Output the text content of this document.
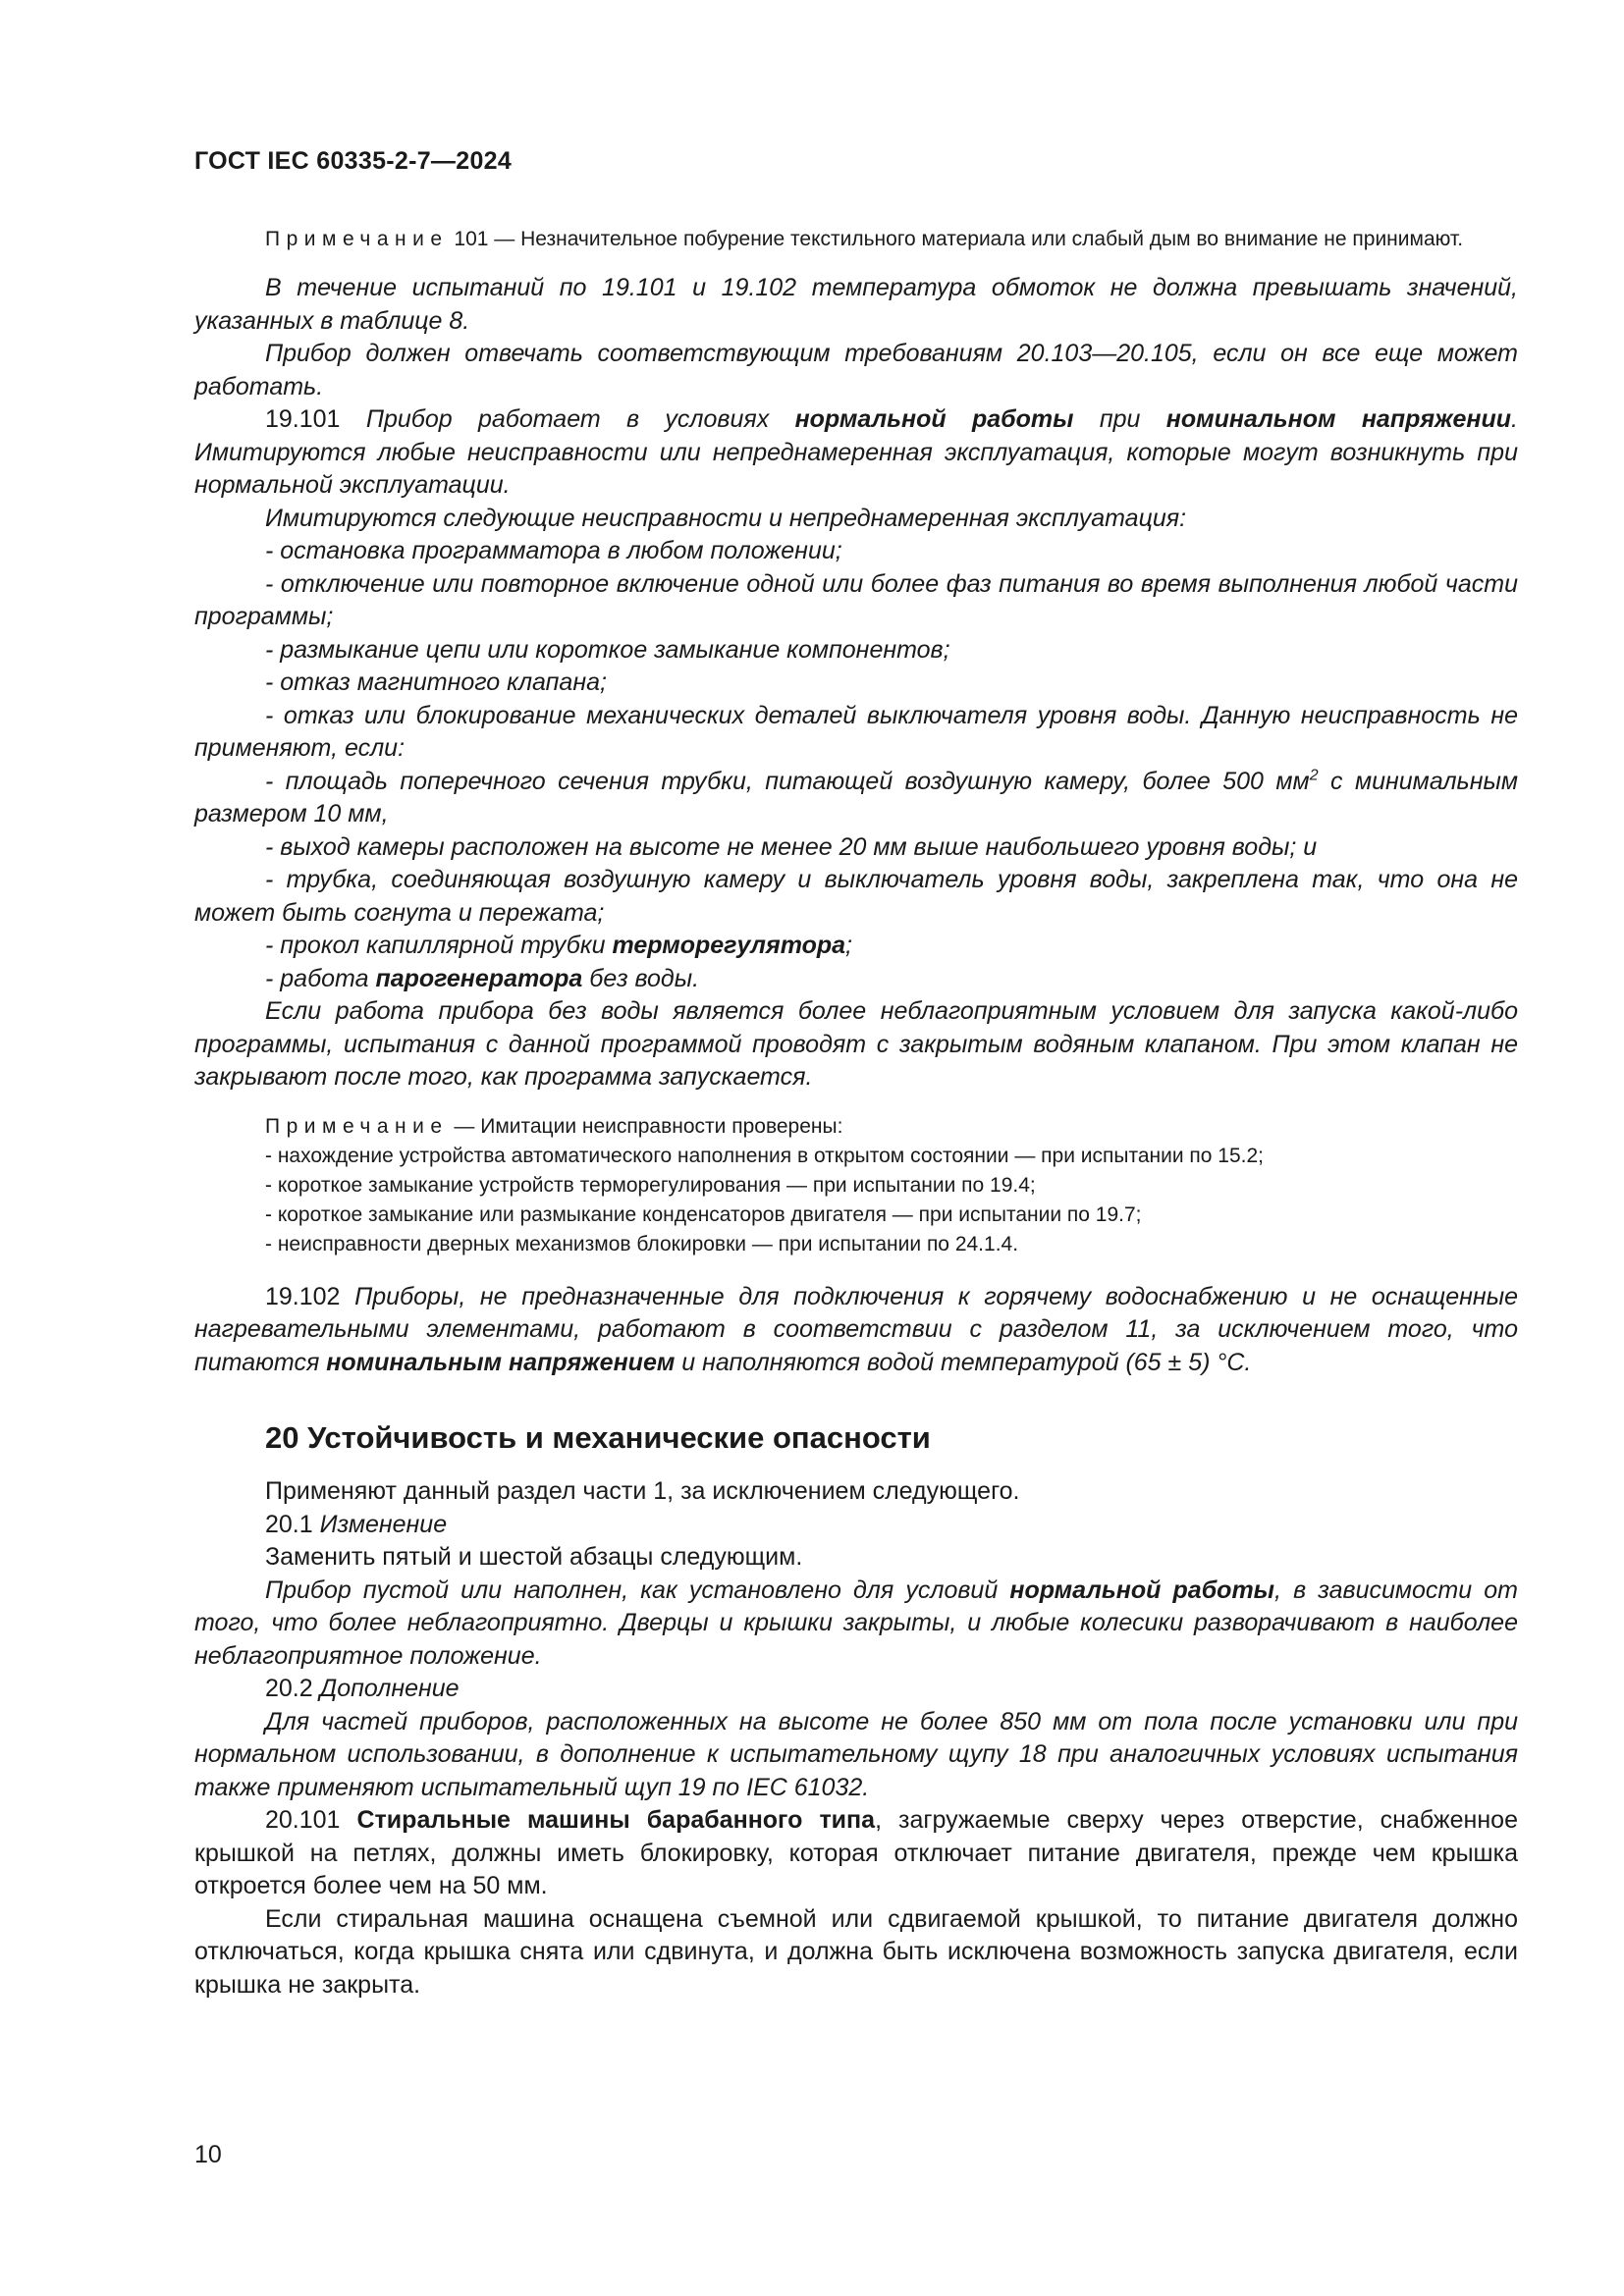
ГОСТ IEC 60335-2-7—2024

Примечание 101 — Незначительное побурение текстильного материала или слабый дым во внимание не принимают.

В течение испытаний по 19.101 и 19.102 температура обмоток не должна превышать значений, указанных в таблице 8.

Прибор должен отвечать соответствующим требованиям 20.103—20.105, если он все еще может работать.

19.101 Прибор работает в условиях нормальной работы при номинальном напряжении. Имитируются любые неисправности или непреднамеренная эксплуатация, которые могут возникнуть при нормальной эксплуатации.

Имитируются следующие неисправности и непреднамеренная эксплуатация:

- остановка программатора в любом положении;

- отключение или повторное включение одной или более фаз питания во время выполнения любой части программы;

- размыкание цепи или короткое замыкание компонентов;

- отказ магнитного клапана;

- отказ или блокирование механических деталей выключателя уровня воды. Данную неисправность не применяют, если:

- площадь поперечного сечения трубки, питающей воздушную камеру, более 500 $мм^2$ с минимальным размером 10 мм,

- выход камеры расположен на высоте не менее 20 мм выше наибольшего уровня воды; и

- трубка, соединяющая воздушную камеру и выключатель уровня воды, закреплена так, что она не может быть согнута и пережата;

- прокол капиллярной трубки терморегулятора;

- работа парогенератора без воды.

Если работа прибора без воды является более неблагоприятным условием для запуска какой-либо программы, испытания с данной программой проводят с закрытым водяным клапаном. При этом клапан не закрывают после того, как программа запускается.

Примечание — Имитации неисправности проверены:

- нахождение устройства автоматического наполнения в открытом состоянии — при испытании по 15.2;

- короткое замыкание устройств терморегулирования — при испытании по 19.4;

- короткое замыкание или размыкание конденсаторов двигателя — при испытании по 19.7;

- неисправности дверных механизмов блокировки — при испытании по 24.1.4.

19.102 Приборы, не предназначенные для подключения к горячему водоснабжению и не оснащенные нагревательными элементами, работают в соответствии с разделом 11, за исключением того, что питаются номинальным напряжением и наполняются водой температурой (65 ± 5) °С.

20 Устойчивость и механические опасности

Применяют данный раздел части 1, за исключением следующего.

20.1 Изменение

Заменить пятый и шестой абзацы следующим.

Прибор пустой или наполнен, как установлено для условий нормальной работы, в зависимости от того, что более неблагоприятно. Дверцы и крышки закрыты, и любые колесики разворачивают в наиболее неблагоприятное положение.

20.2 Дополнение

Для частей приборов, расположенных на высоте не более 850 мм от пола после установки или при нормальном использовании, в дополнение к испытательному щупу 18 при аналогичных условиях испытания также применяют испытательный щуп 19 по IEC 61032.

20.101 Стиральные машины барабанного типа, загружаемые сверху через отверстие, снабженное крышкой на петлях, должны иметь блокировку, которая отключает питание двигателя, прежде чем крышка откроется более чем на 50 мм.

Если стиральная машина оснащена съемной или сдвигаемой крышкой, то питание двигателя должно отключаться, когда крышка снята или сдвинута, и должна быть исключена возможность запуска двигателя, если крышка не закрыта.

10
